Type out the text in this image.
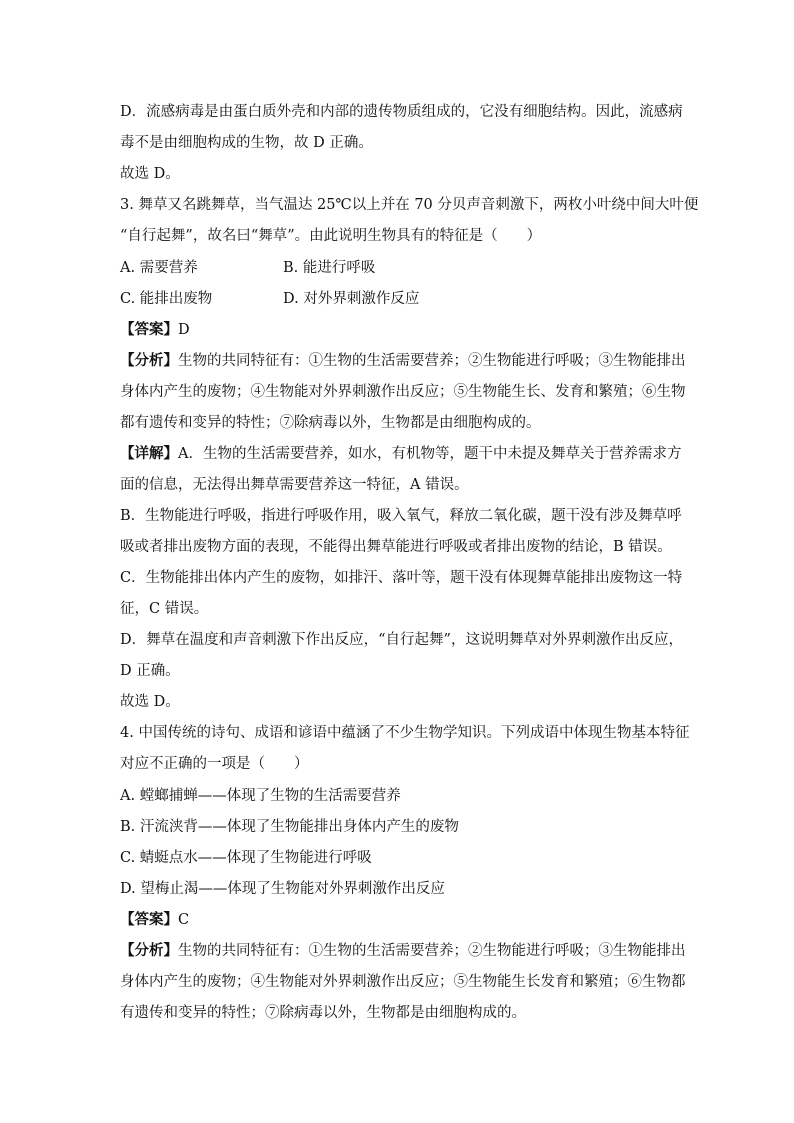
D．流感病毒是由蛋白质外壳和内部的遗传物质组成的，它没有细胞结构。因此，流感病
毒不是由细胞构成的生物，故 D 正确。
故选 D。
3. 舞草又名跳舞草，当气温达 25℃以上并在 70 分贝声音刺激下，两枚小叶绕中间大叶便
“自行起舞”，故名曰“舞草”。由此说明生物具有的特征是（　　）
A. 需要营养	B. 能进行呼吸
C. 能排出废物	D. 对外界刺激作反应
【答案】D
【分析】生物的共同特征有：①生物的生活需要营养；②生物能进行呼吸；③生物能排出
身体内产生的废物；④生物能对外界刺激作出反应；⑤生物能生长、发育和繁殖；⑥生物
都有遗传和变异的特性；⑦除病毒以外，生物都是由细胞构成的。
【详解】A．生物的生活需要营养，如水，有机物等，题干中未提及舞草关于营养需求方
面的信息，无法得出舞草需要营养这一特征，A 错误。
B．生物能进行呼吸，指进行呼吸作用，吸入氧气，释放二氧化碳，题干没有涉及舞草呼
吸或者排出废物方面的表现，不能得出舞草能进行呼吸或者排出废物的结论，B 错误。
C．生物能排出体内产生的废物，如排汗、落叶等，题干没有体现舞草能排出废物这一特
征，C 错误。
D．舞草在温度和声音刺激下作出反应，“自行起舞”，这说明舞草对外界刺激作出反应，
D 正确。
故选 D。
4. 中国传统的诗句、成语和谚语中蕴涵了不少生物学知识。下列成语中体现生物基本特征
对应不正确的一项是（　　）
A. 螳螂捕蝉——体现了生物的生活需要营养
B. 汗流浃背——体现了生物能排出身体内产生的废物
C. 蜻蜓点水——体现了生物能进行呼吸
D. 望梅止渴——体现了生物能对外界刺激作出反应
【答案】C
【分析】生物的共同特征有：①生物的生活需要营养；②生物能进行呼吸；③生物能排出
身体内产生的废物；④生物能对外界刺激作出反应；⑤生物能生长发育和繁殖；⑥生物都
有遗传和变异的特性；⑦除病毒以外，生物都是由细胞构成的。
